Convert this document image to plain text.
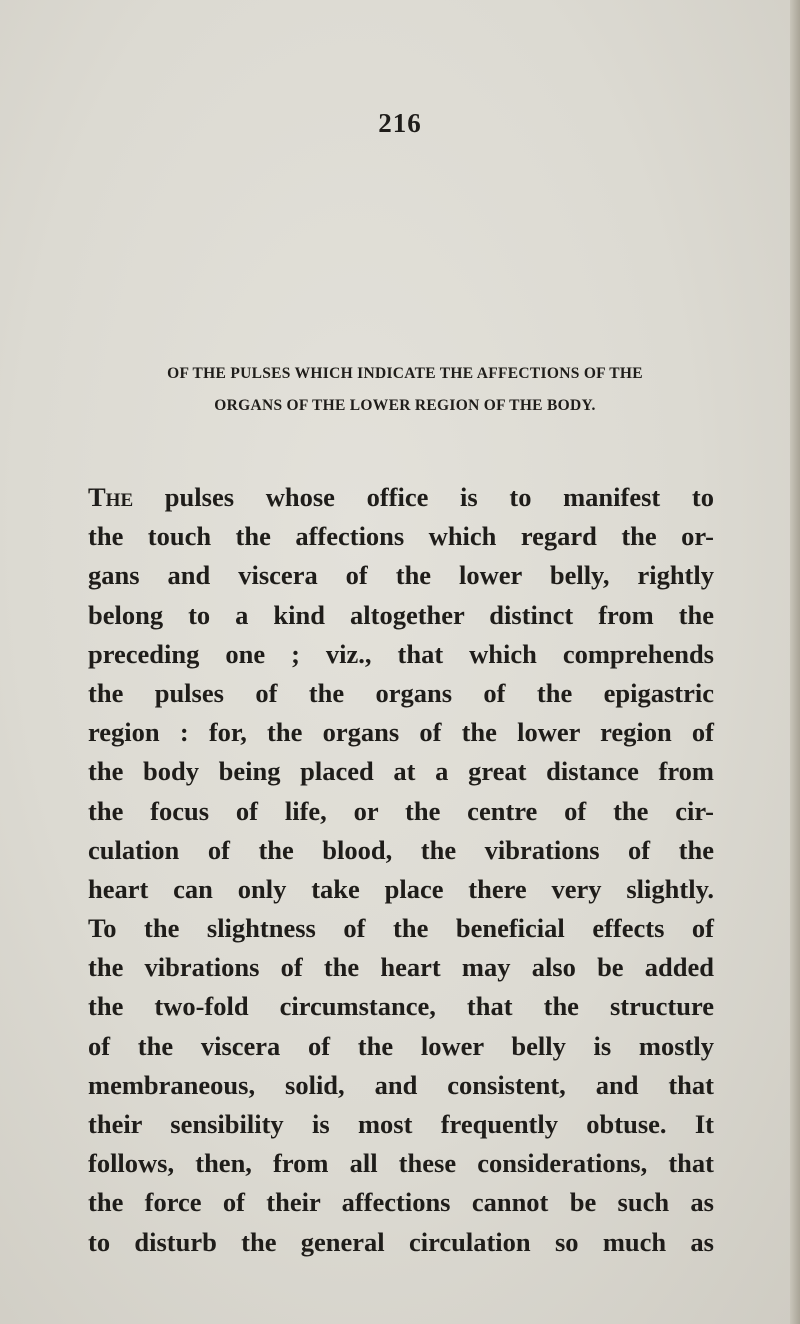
216
OF THE PULSES WHICH INDICATE THE AFFECTIONS OF THE
ORGANS OF THE LOWER REGION OF THE BODY.
The pulses whose office is to manifest to
the touch the affections which regard the or-
gans and viscera of the lower belly, rightly
belong to a kind altogether distinct from the
preceding one ; viz., that which comprehends
the pulses of the organs of the epigastric
region : for, the organs of the lower region of
the body being placed at a great distance from
the focus of life, or the centre of the cir-
culation of the blood, the vibrations of the
heart can only take place there very slightly.
To the slightness of the beneficial effects of
the vibrations of the heart may also be added
the two-fold circumstance, that the structure
of the viscera of the lower belly is mostly
membraneous, solid, and consistent, and that
their sensibility is most frequently obtuse. It
follows, then, from all these considerations, that
the force of their affections cannot be such as
to disturb the general circulation so much as
